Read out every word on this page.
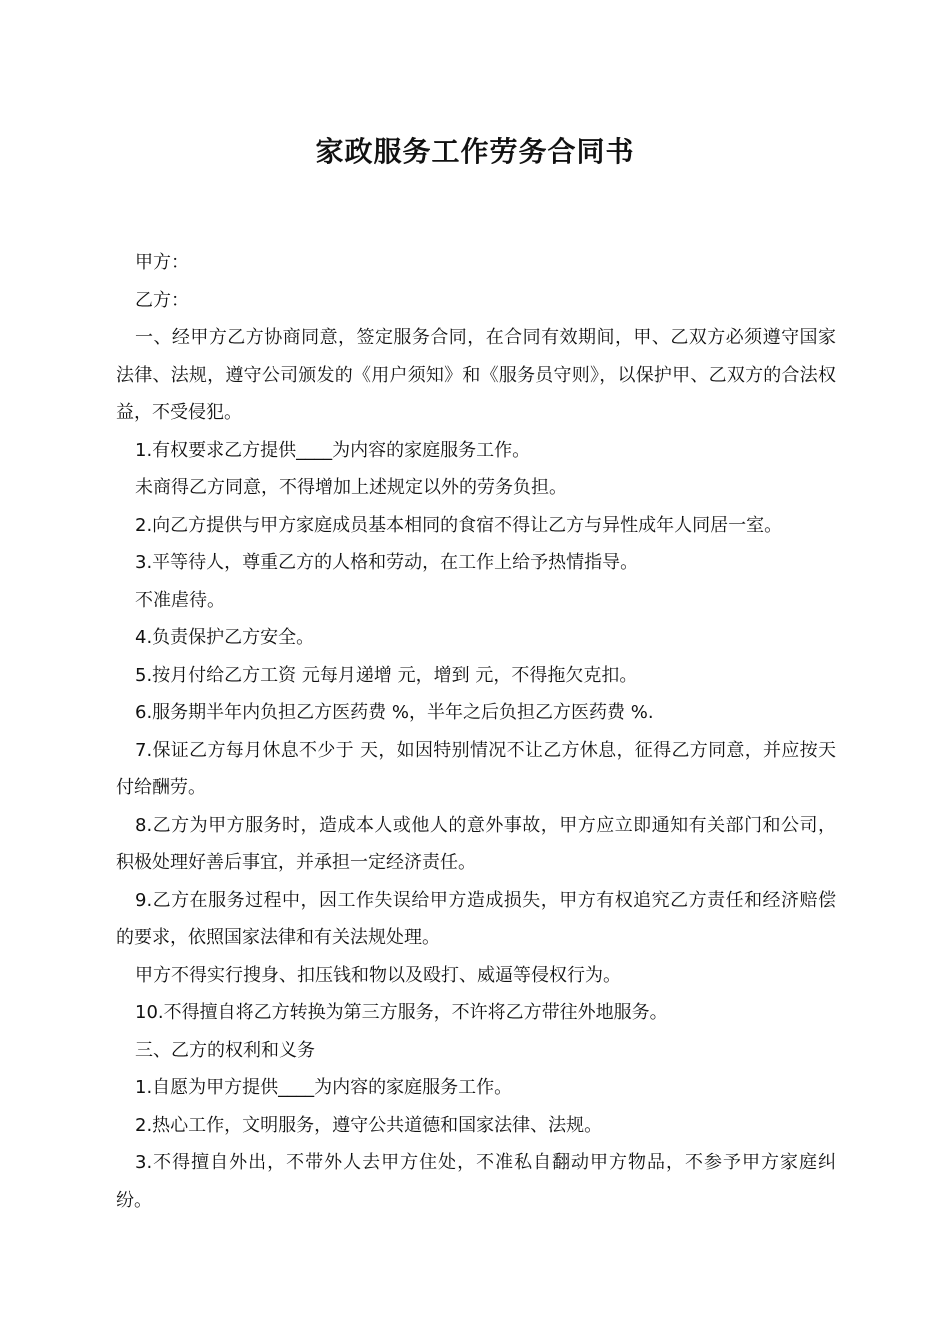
家政服务工作劳务合同书

甲方：

乙方：

一、经甲方乙方协商同意，签定服务合同，在合同有效期间，甲、乙双方必须遵守国家法律、法规，遵守公司颁发的《用户须知》和《服务员守则》，以保护甲、乙双方的合法权益，不受侵犯。

1.有权要求乙方提供____为内容的家庭服务工作。

未商得乙方同意，不得增加上述规定以外的劳务负担。

2.向乙方提供与甲方家庭成员基本相同的食宿不得让乙方与异性成年人同居一室。

3.平等待人，尊重乙方的人格和劳动，在工作上给予热情指导。

不准虐待。

4.负责保护乙方安全。

5.按月付给乙方工资 元每月递增 元，增到 元，不得拖欠克扣。

6.服务期半年内负担乙方医药费 %，半年之后负担乙方医药费 %.

7.保证乙方每月休息不少于 天，如因特别情况不让乙方休息，征得乙方同意，并应按天付给酬劳。

8.乙方为甲方服务时，造成本人或他人的意外事故，甲方应立即通知有关部门和公司，积极处理好善后事宜，并承担一定经济责任。

9.乙方在服务过程中，因工作失误给甲方造成损失，甲方有权追究乙方责任和经济赔偿的要求，依照国家法律和有关法规处理。

甲方不得实行搜身、扣压钱和物以及殴打、威逼等侵权行为。

10.不得擅自将乙方转换为第三方服务，不许将乙方带往外地服务。

三、乙方的权利和义务

1.自愿为甲方提供____为内容的家庭服务工作。

2.热心工作，文明服务，遵守公共道德和国家法律、法规。

3.不得擅自外出，不带外人去甲方住处，不准私自翻动甲方物品，不参予甲方家庭纠纷。
